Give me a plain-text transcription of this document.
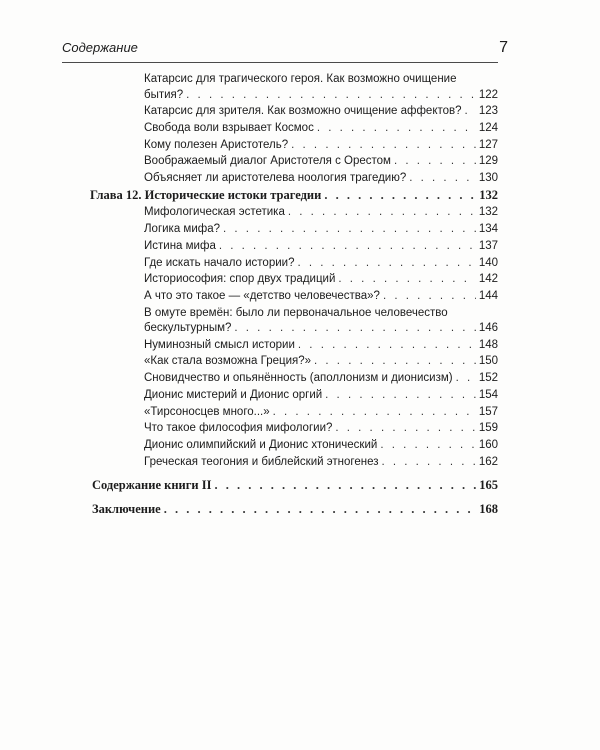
Содержание	7
Катарсис для трагического героя. Как возможно очищение
бытия? . . .	122
Катарсис для зрителя. Как возможно очищение аффектов? . . . 123
Свобода воли взрывает Космос . . .	124
Кому полезен Аристотель? . . .	127
Воображаемый диалог Аристотеля с Орестом . . .	129
Объясняет ли аристотелева ноология трагедию? . . .	130
Глава 12. Исторические истоки трагедии . . .	132
Мифологическая эстетика . . .	132
Логика мифа? . . .	134
Истина мифа . . .	137
Где искать начало истории? . . .	140
Историософия: спор двух традиций . . .	142
А что это такое — «детство человечества»? . . .	144
В омуте времён: было ли первоначальное человечество
бескультурным? . . .	146
Нуминозный смысл истории . . .	148
«Как стала возможна Греция?» . . .	150
Сновидчество и опьянённость (аполлонизм и дионисизм) . . . 152
Дионис мистерий и Дионис оргий . . .	154
«Тирсоносцев много...» . . .	157
Что такое философия мифологии? . . .	159
Дионис олимпийский и Дионис хтонический . . .	160
Греческая теогония и библейский этногенез . . .	162
Содержание книги II . . .	165
Заключение . . .	168
